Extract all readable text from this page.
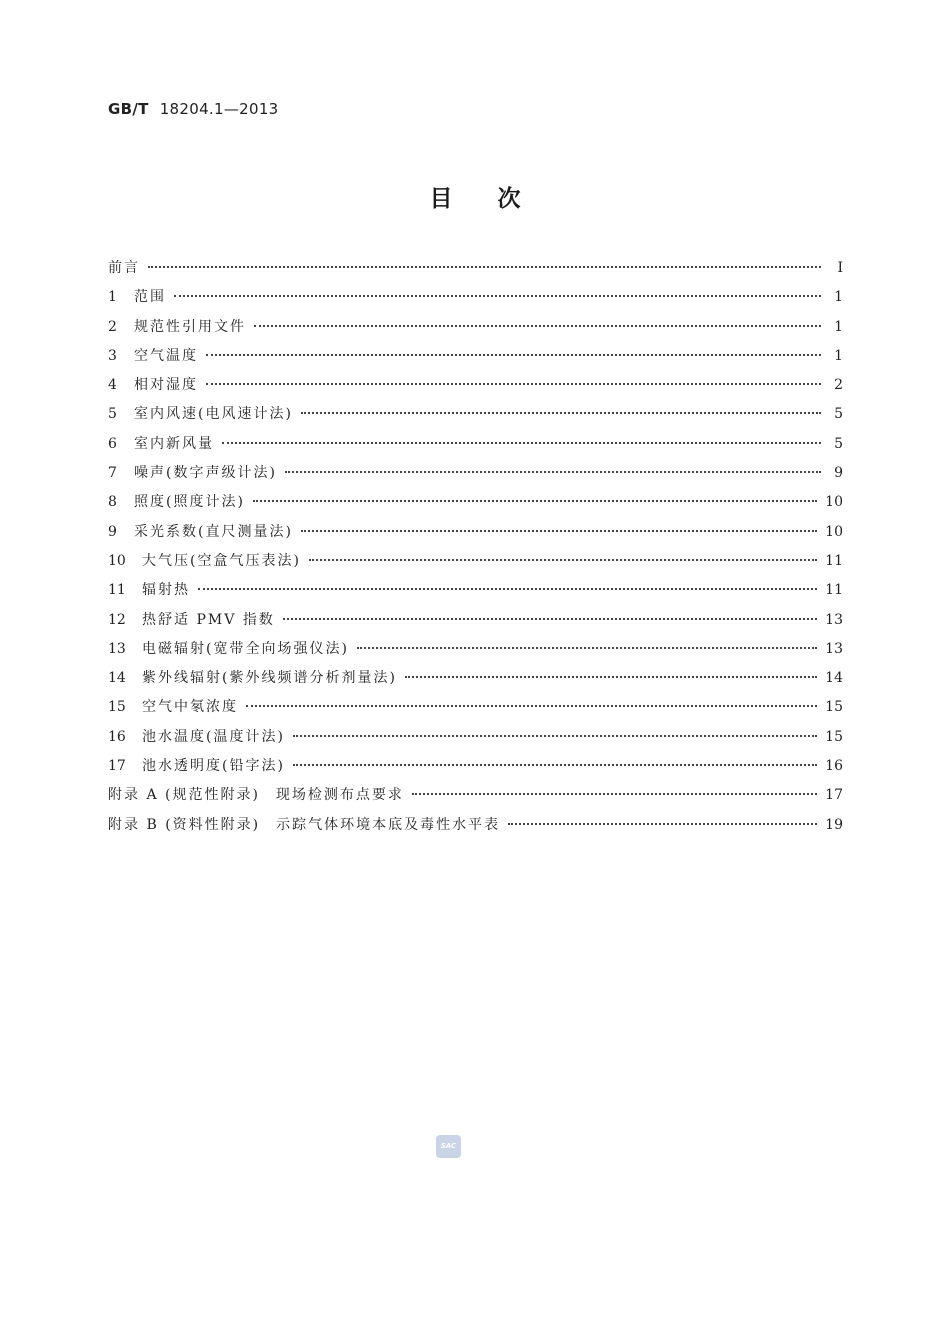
GB/T 18204.1—2013
目次
前言	Ⅰ
1	范围	1
2	规范性引用文件	1
3	空气温度	1
4	相对湿度	2
5	室内风速(电风速计法)	5
6	室内新风量	5
7	噪声(数字声级计法)	9
8	照度(照度计法)	10
9	采光系数(直尺测量法)	10
10	大气压(空盒气压表法)	11
11	辐射热	11
12	热舒适 PMV 指数	13
13	电磁辐射(宽带全向场强仪法)	13
14	紫外线辐射(紫外线频谱分析剂量法)	14
15	空气中氡浓度	15
16	池水温度(温度计法)	15
17	池水透明度(铅字法)	16
附录 A (规范性附录)　现场检测布点要求	17
附录 B (资料性附录)　示踪气体环境本底及毒性水平表	19
SAC
